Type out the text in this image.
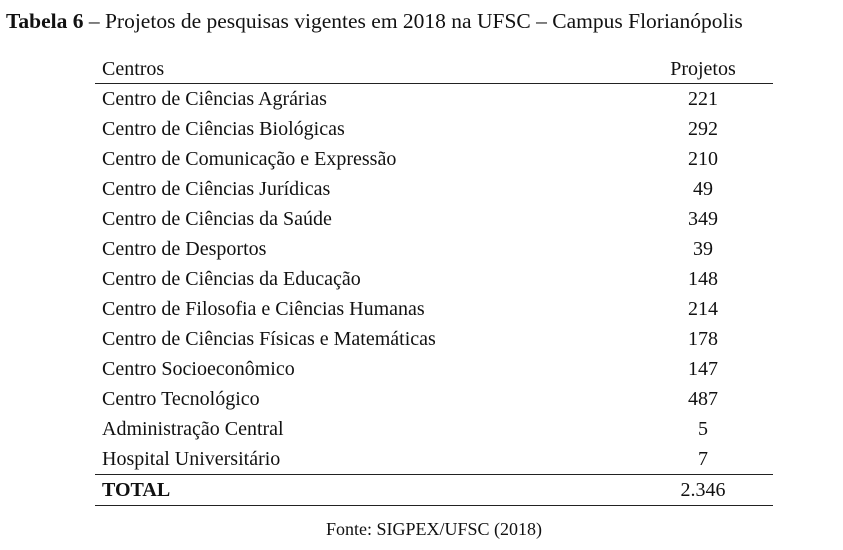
Tabela 6 – Projetos de pesquisas vigentes em 2018 na UFSC – Campus Florianópolis
Centros	Projetos
Centro de Ciências Agrárias	221
Centro de Ciências Biológicas	292
Centro de Comunicação e Expressão	210
Centro de Ciências Jurídicas	49
Centro de Ciências da Saúde	349
Centro de Desportos	39
Centro de Ciências da Educação	148
Centro de Filosofia e Ciências Humanas	214
Centro de Ciências Físicas e Matemáticas	178
Centro Socioeconômico	147
Centro Tecnológico	487
Administração Central	5
Hospital Universitário	7
TOTAL	2.346
Fonte: SIGPEX/UFSC (2018)
